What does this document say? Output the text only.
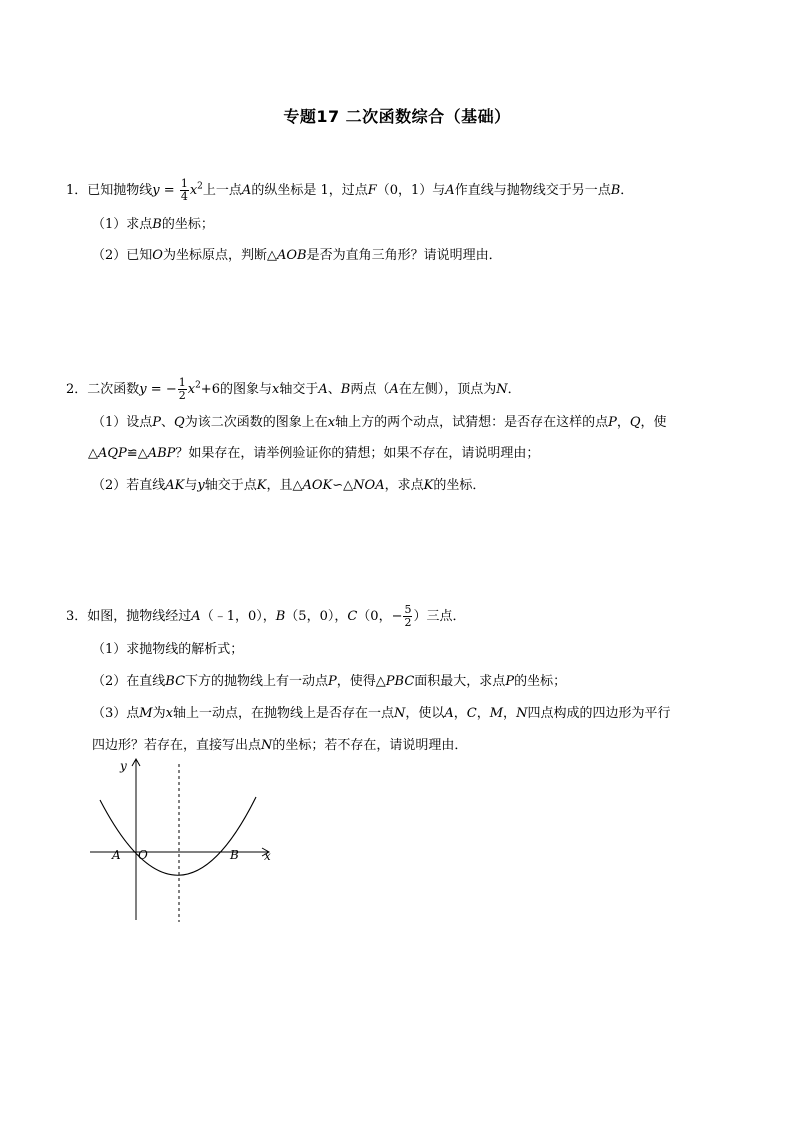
专题17 二次函数综合（基础）
1．已知抛物线$y = \frac{1}{4} x^2$上一点A的纵坐标是 1，过点F（0，1）与A作直线与抛物线交于另一点B．
（1）求点B的坐标；
（2）已知O为坐标原点，判断△AOB是否为直角三角形？请说明理由．
2．二次函数y = − $\frac{1}{2} x^2+6$的图象与x轴交于A、B两点（A在左侧），顶点为N．
（1）设点P、Q为该二次函数的图象上在x轴上方的两个动点，试猜想：是否存在这样的点P，Q，使
△AQP≌△ABP？如果存在，请举例验证你的猜想；如果不存在，请说明理由；
（2）若直线AK与y轴交于点K，且△AOK∽△NOA，求点K的坐标．
3．如图，抛物线经过A（﹣1，0），B（5，0），C（0，− $\frac{5}{2}$ ）三点．
（1）求抛物线的解析式；
（2）在直线BC下方的抛物线上有一动点P，使得△PBC面积最大，求点P的坐标；
（3）点M为x轴上一动点，在抛物线上是否存在一点N，使以A，C，M，N四点构成的四边形为平行
四边形？若存在，直接写出点N的坐标；若不存在，请说明理由．
y
x
A O	B
